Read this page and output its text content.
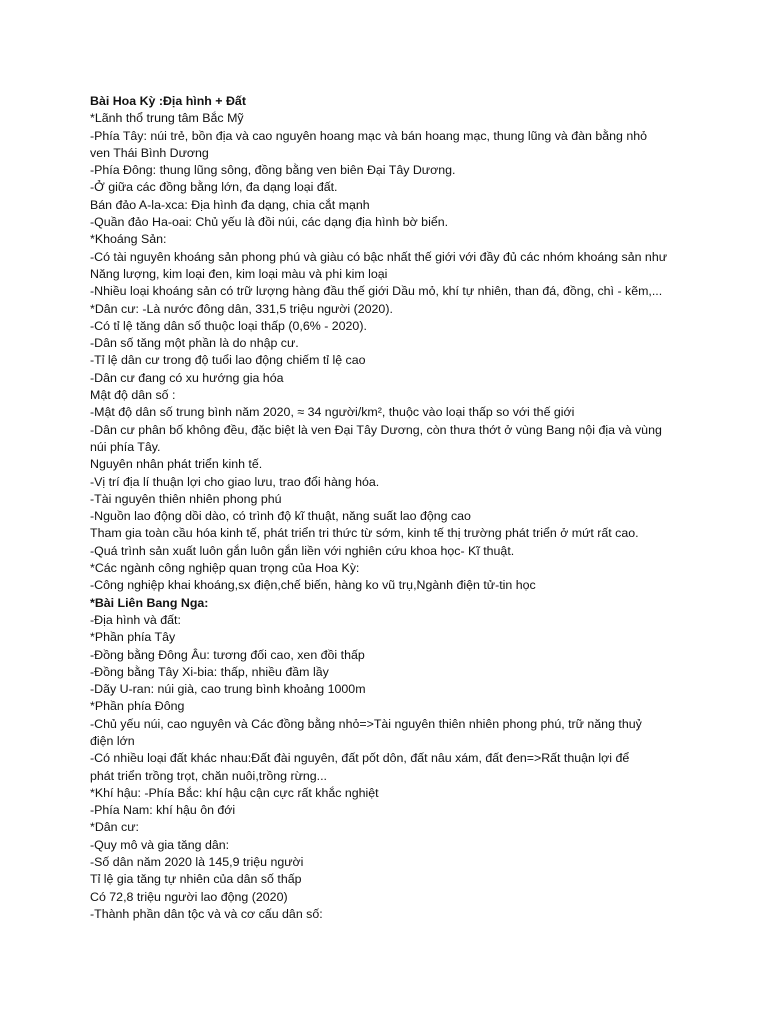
Bài Hoa Kỳ :Địa hình + Đất
*Lãnh thổ trung tâm Bắc Mỹ
-Phía Tây: núi trẻ, bồn địa và cao nguyên hoang mạc và bán hoang mạc, thung lũng và đàn bằng nhỏ
ven Thái Bình Dương
-Phía Đông: thung lũng sông, đồng bằng ven biên Đại Tây Dương.
-Ở giữa các đồng bằng lớn, đa dạng loại đất.
Bán đảo A-la-xca: Địa hình đa dạng, chia cắt mạnh
-Quần đảo Ha-oai: Chủ yếu là đồi núi, các dạng địa hình bờ biển.
*Khoáng Sản:
-Có tài nguyên khoáng sản phong phú và giàu có bậc nhất thế giới với đầy đủ các nhóm khoáng sản như
Năng lượng, kim loại đen, kim loại màu và phi kim loại
-Nhiều loại khoáng sản có trữ lượng hàng đầu thế giới Dầu mỏ, khí tự nhiên, than đá, đồng, chì - kẽm,...
*Dân cư: -Là nước đông dân, 331,5 triệu người (2020).
-Có tỉ lệ tăng dân số thuộc loại thấp (0,6% - 2020).
-Dân số tăng một phần là do nhập cư.
-Tỉ lệ dân cư trong độ tuổi lao động chiếm tỉ lệ cao
-Dân cư đang có xu hướng gia hóa
Mật độ dân số :
-Mật độ dân số trung bình năm 2020, ≈ 34 người/km², thuộc vào loại thấp so với thế giới
-Dân cư phân bố không đều, đặc biệt là ven Đại Tây Dương, còn thưa thớt ở vùng Bang nội địa và vùng
núi phía Tây.
Nguyên nhân phát triển kinh tế.
-Vị trí địa lí thuận lợi cho giao lưu, trao đổi hàng hóa.
-Tài nguyên thiên nhiên phong phú
-Nguồn lao động dồi dào, có trình độ kĩ thuật, năng suất lao động cao
Tham gia toàn cầu hóa kinh tế, phát triển tri thức từ sớm, kinh tế thị trường phát triển ở mứt rất cao.
-Quá trình sản xuất luôn gắn luôn gắn liền với nghiên cứu khoa học- Kĩ thuật.
*Các ngành công nghiệp quan trọng của Hoa Kỳ:
-Công nghiệp khai khoáng,sx điện,chế biến, hàng ko vũ trụ,Ngành điện tử-tin học
*Bài Liên Bang Nga:
-Địa hình và đất:
*Phần phía Tây
-Đồng bằng Đông Âu: tương đối cao, xen đồi thấp
-Đồng bằng Tây Xi-bia: thấp, nhiều đầm lầy
-Dãy U-ran: núi già, cao trung bình khoảng 1000m
*Phần phía Đông
-Chủ yếu núi, cao nguyên và Các đồng bằng nhỏ=>Tài nguyên thiên nhiên phong phú, trữ năng thuỷ
điện lớn
-Có nhiều loại đất khác nhau:Đất đài nguyên, đất pốt dôn, đất nâu xám, đất đen=>Rất thuận lợi để
phát triển trồng trọt, chăn nuôi,trồng rừng...
*Khí hậu: -Phía Bắc: khí hậu cận cực rất khắc nghiệt
-Phía Nam: khí hậu ôn đới
*Dân cư:
-Quy mô và gia tăng dân:
-Số dân năm 2020 là 145,9 triệu người
Tỉ lệ gia tăng tự nhiên của dân số thấp
Có 72,8 triệu người lao động (2020)
-Thành phần dân tộc và và cơ cấu dân số:
